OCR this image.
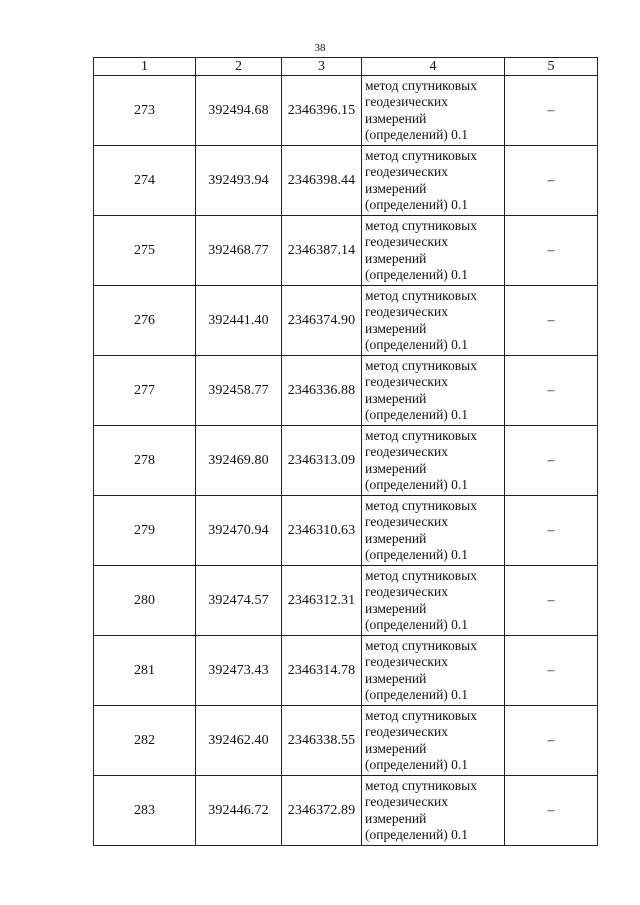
38
1	2	3	4	5
273	392494.68	2346396.15	метод спутниковых
геодезических
измерений
(определений) 0.1	–
274	392493.94	2346398.44	метод спутниковых
геодезических
измерений
(определений) 0.1	–
275	392468.77	2346387.14	метод спутниковых
геодезических
измерений
(определений) 0.1	–
276	392441.40	2346374.90	метод спутниковых
геодезических
измерений
(определений) 0.1	–
277	392458.77	2346336.88	метод спутниковых
геодезических
измерений
(определений) 0.1	–
278	392469.80	2346313.09	метод спутниковых
геодезических
измерений
(определений) 0.1	–
279	392470.94	2346310.63	метод спутниковых
геодезических
измерений
(определений) 0.1	–
280	392474.57	2346312.31	метод спутниковых
геодезических
измерений
(определений) 0.1	–
281	392473.43	2346314.78	метод спутниковых
геодезических
измерений
(определений) 0.1	–
282	392462.40	2346338.55	метод спутниковых
геодезических
измерений
(определений) 0.1	–
283	392446.72	2346372.89	метод спутниковых
геодезических
измерений
(определений) 0.1	–
